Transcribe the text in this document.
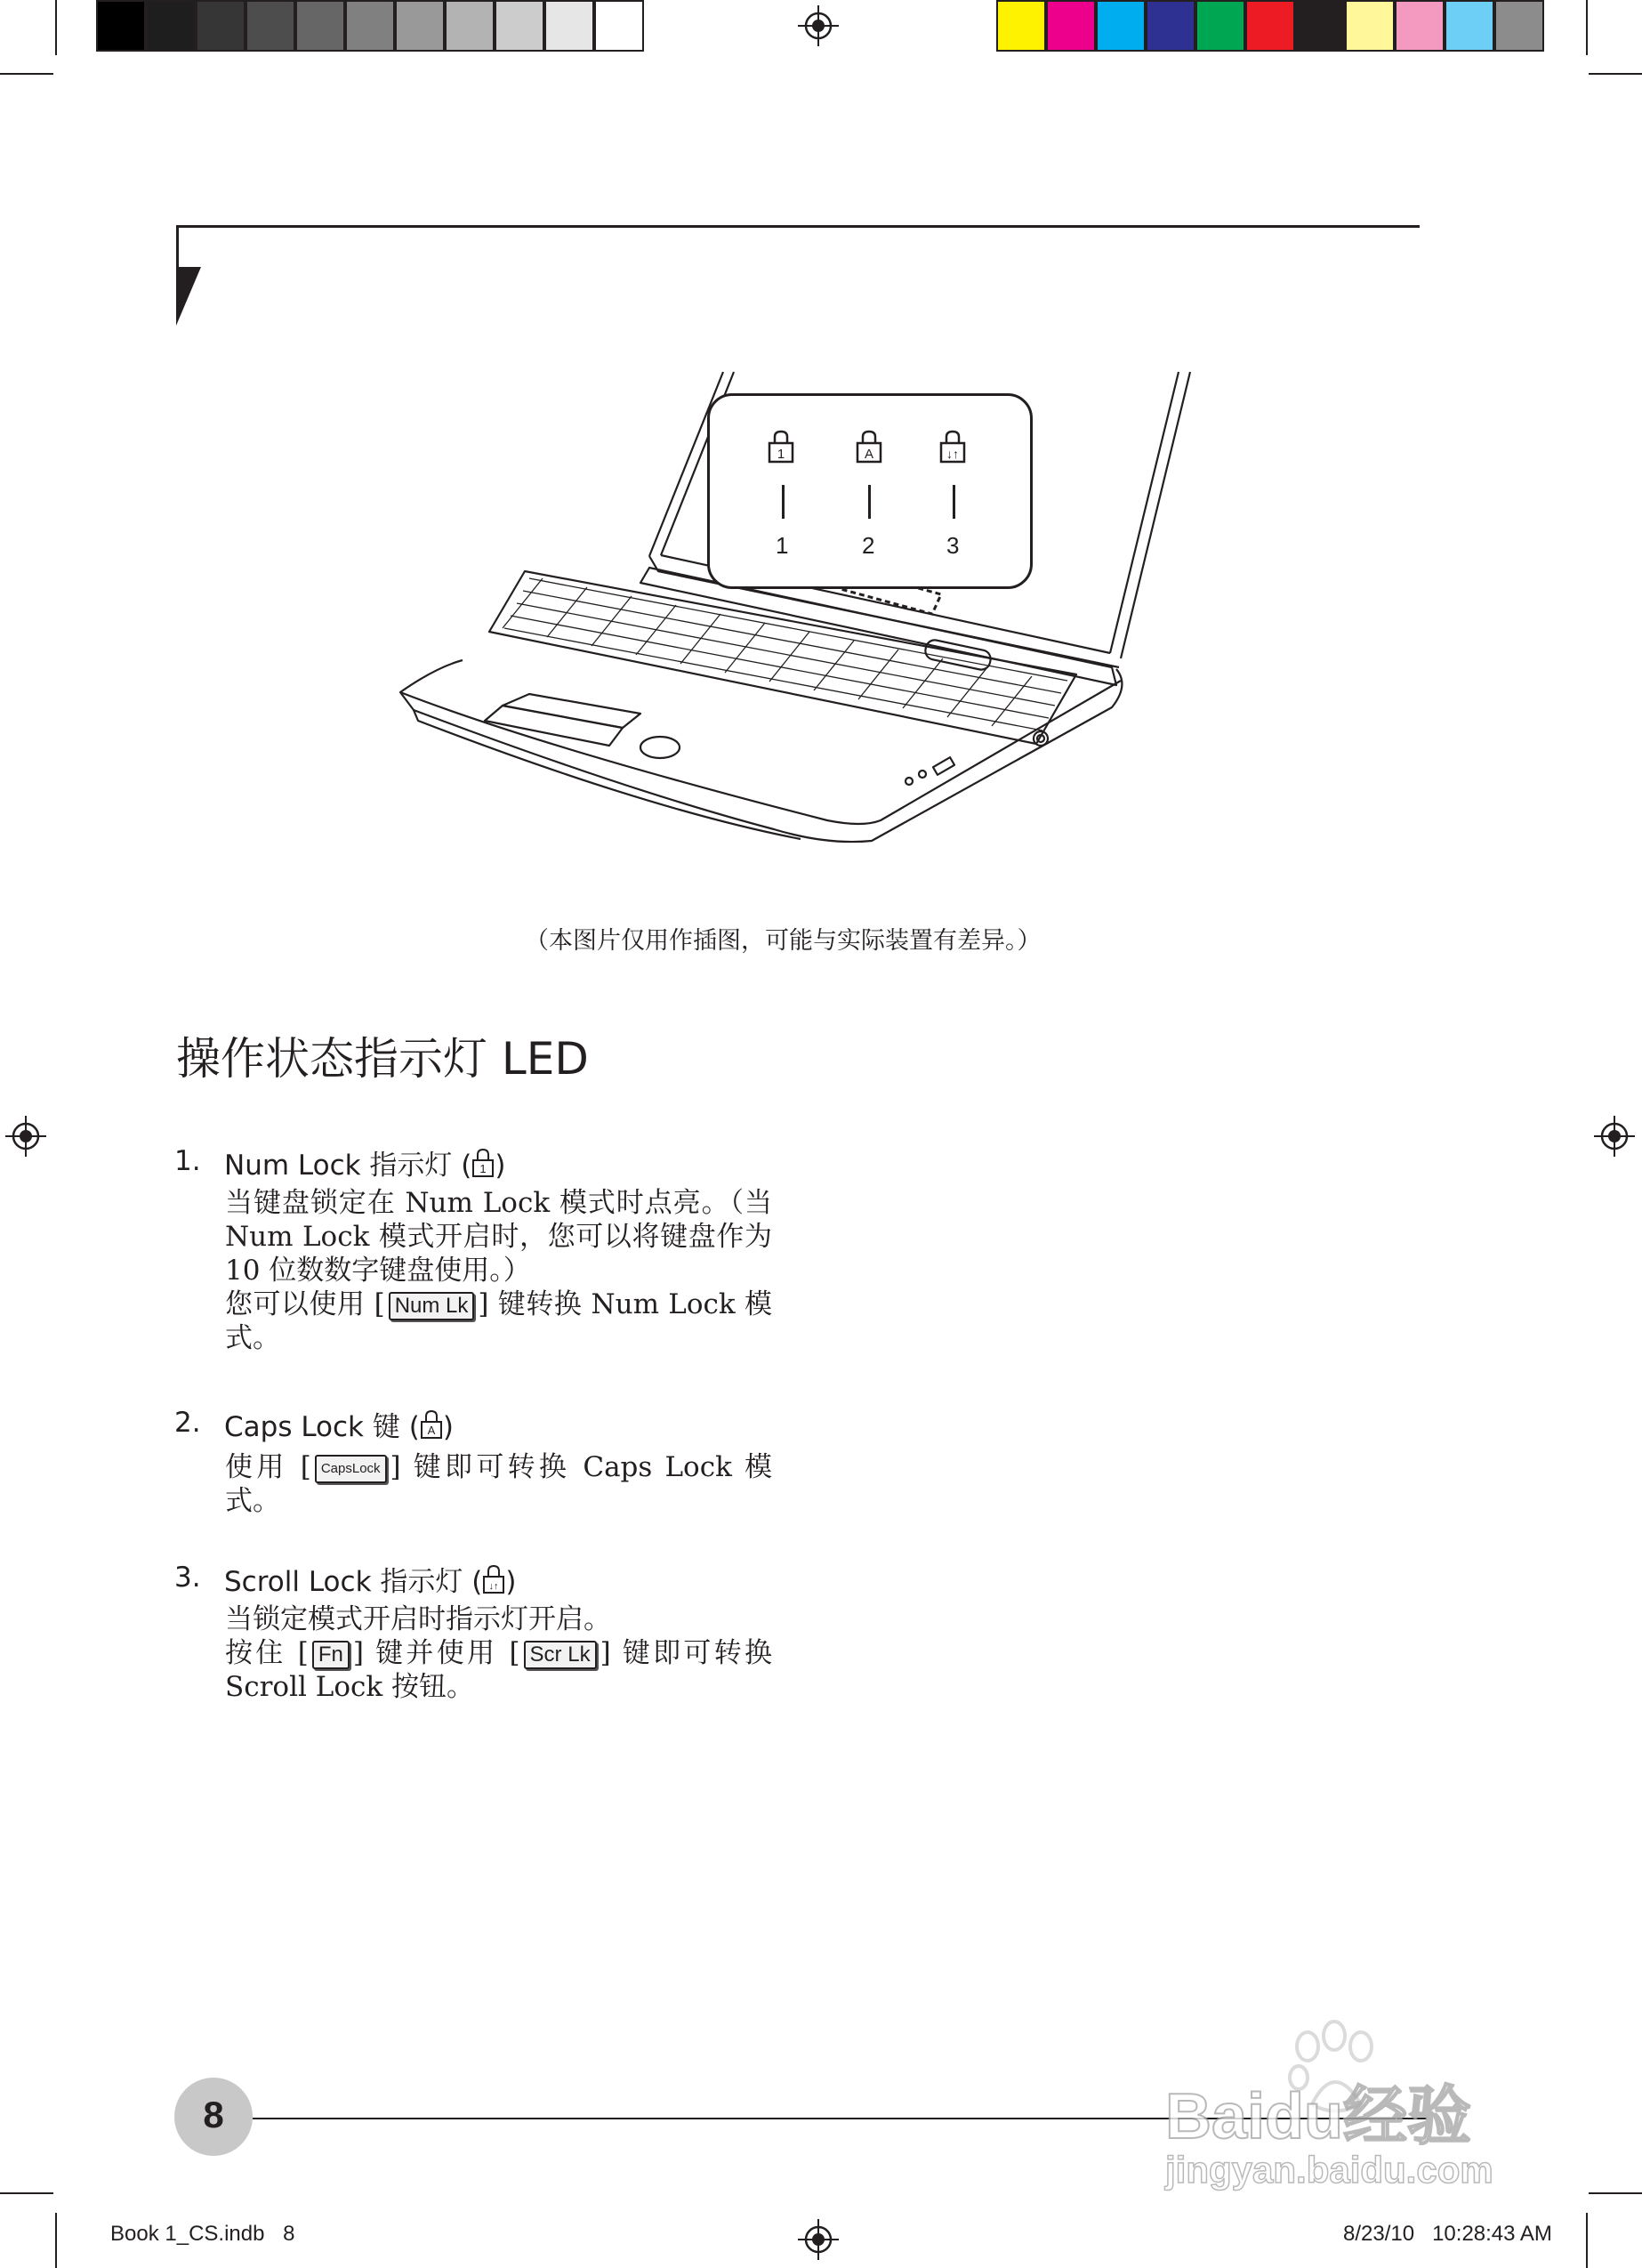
1	A	↓↑
1	2	3
（本图片仅用作插图，可能与实际装置有差异。）
操作状态指示灯 LED
1. Num Lock 指示灯 ( 1 )
当键盘锁定在 Num Lock 模式时点亮。（当 Num Lock 模式开启时，您可以将键盘作为 10 位数数字键盘使用。）
您可以使用 [ Num Lk ] 键转换 Num Lock 模式。
2. Caps Lock 键 ( A )
使用 [ CapsLock ] 键即可转换 Caps Lock 模式。
3. Scroll Lock 指示灯 ( ↓↑ )
当锁定模式开启时指示灯开启。
按住 [ Fn ] 键并使用 [ Scr Lk ] 键即可转换 Scroll Lock 按钮。
8	Baidu经验
jingyan.baidu.com
Book 1_CS.indb 8	8/23/10   10:28:43 AM
